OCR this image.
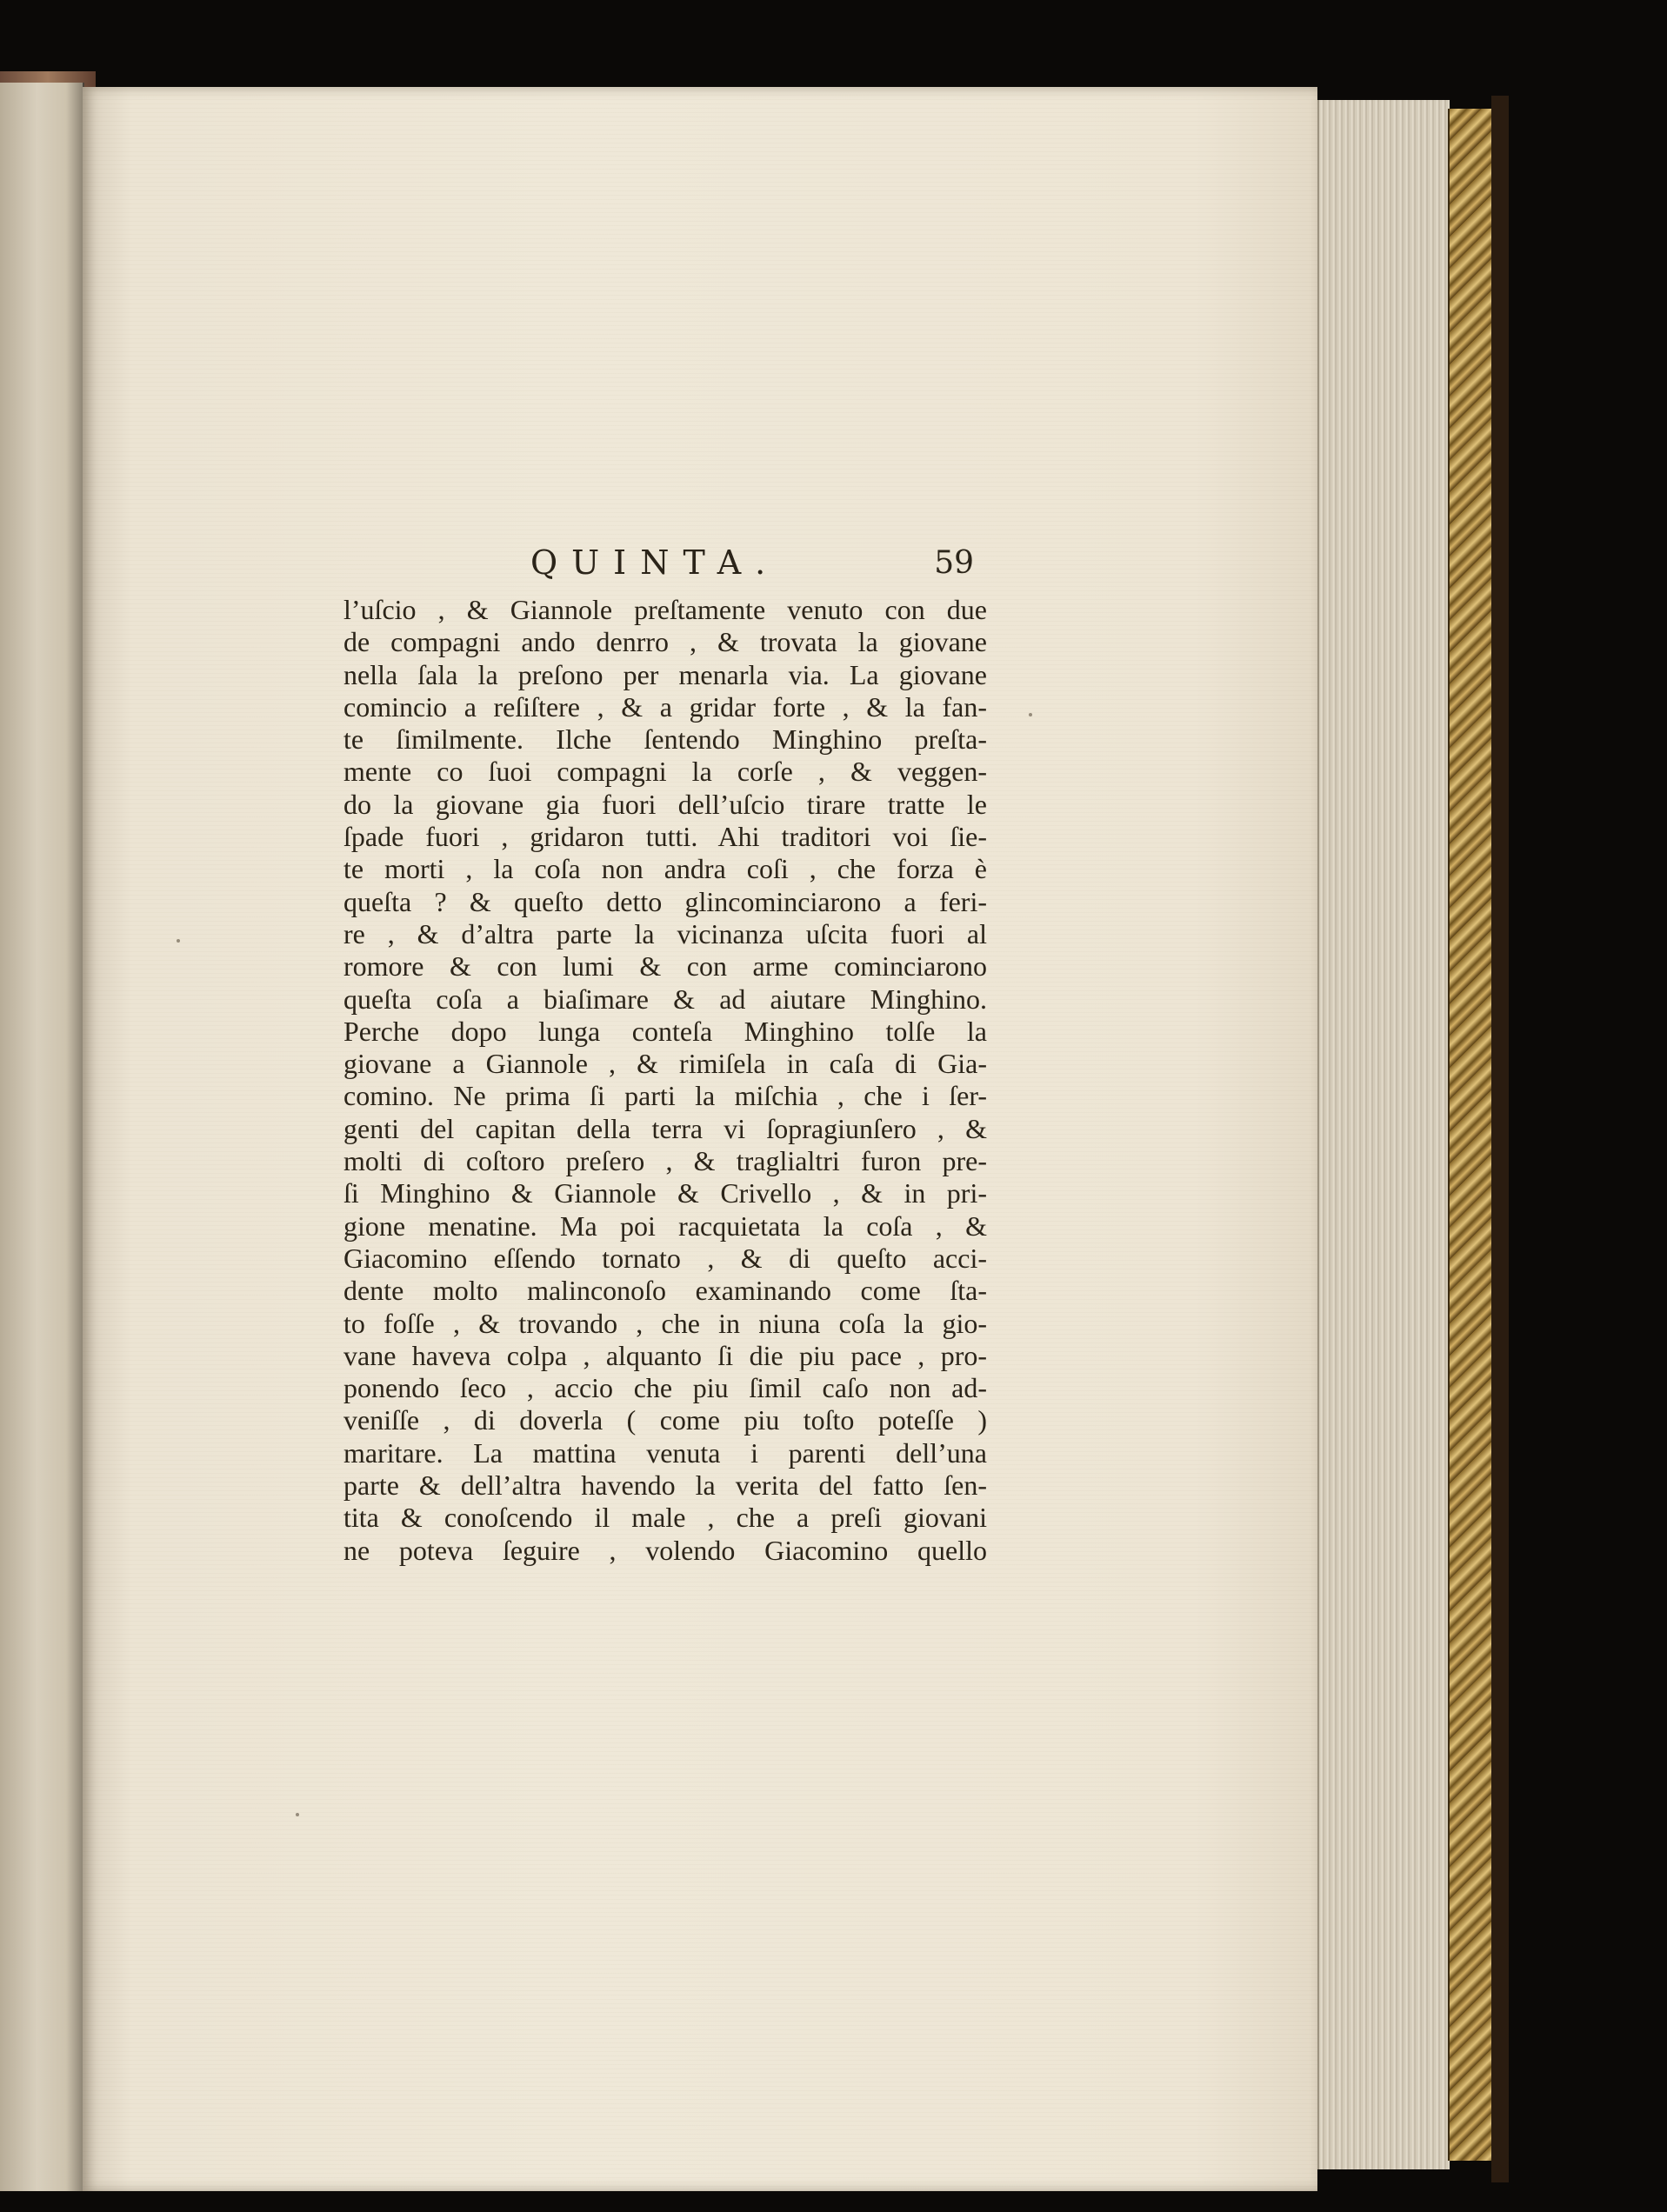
QUINTA.	59
l’uſcio , & Giannole preſtamente venuto con due
de compagni ando denrro , & trovata la giovane
nella ſala la preſono per menarla via. La giovane
comincio a reſiſtere , & a gridar forte , & la fan-
te ſimilmente. Ilche ſentendo Minghino preſta-
mente co ſuoi compagni la corſe , & veggen-
do la giovane gia fuori dell’uſcio tirare tratte le
ſpade fuori , gridaron tutti. Ahi traditori voi ſie-
te morti , la coſa non andra coſi , che forza è
queſta ? & queſto detto glincominciarono a feri-
re , & d’altra parte la vicinanza uſcita fuori al
romore & con lumi & con arme cominciarono
queſta coſa a biaſimare & ad aiutare Minghino.
Perche dopo lunga conteſa Minghino tolſe la
giovane a Giannole , & rimiſela in caſa di Gia-
comino. Ne prima ſi parti la miſchia , che i ſer-
genti del capitan della terra vi ſopragiunſero , &
molti di coſtoro preſero , & traglialtri furon pre-
ſi Minghino & Giannole & Crivello , & in pri-
gione menatine. Ma poi racquietata la coſa , &
Giacomino eſſendo tornato , & di queſto acci-
dente molto malinconoſo examinando come ſta-
to foſſe , & trovando , che in niuna coſa la gio-
vane haveva colpa , alquanto ſi die piu pace , pro-
ponendo ſeco , accio che piu ſimil caſo non ad-
veniſſe , di doverla ( come piu toſto poteſſe )
maritare. La mattina venuta i parenti dell’una
parte & dell’altra havendo la verita del fatto ſen-
tita & conoſcendo il male , che a preſi giovani
ne poteva ſeguire , volendo Giacomino quello
